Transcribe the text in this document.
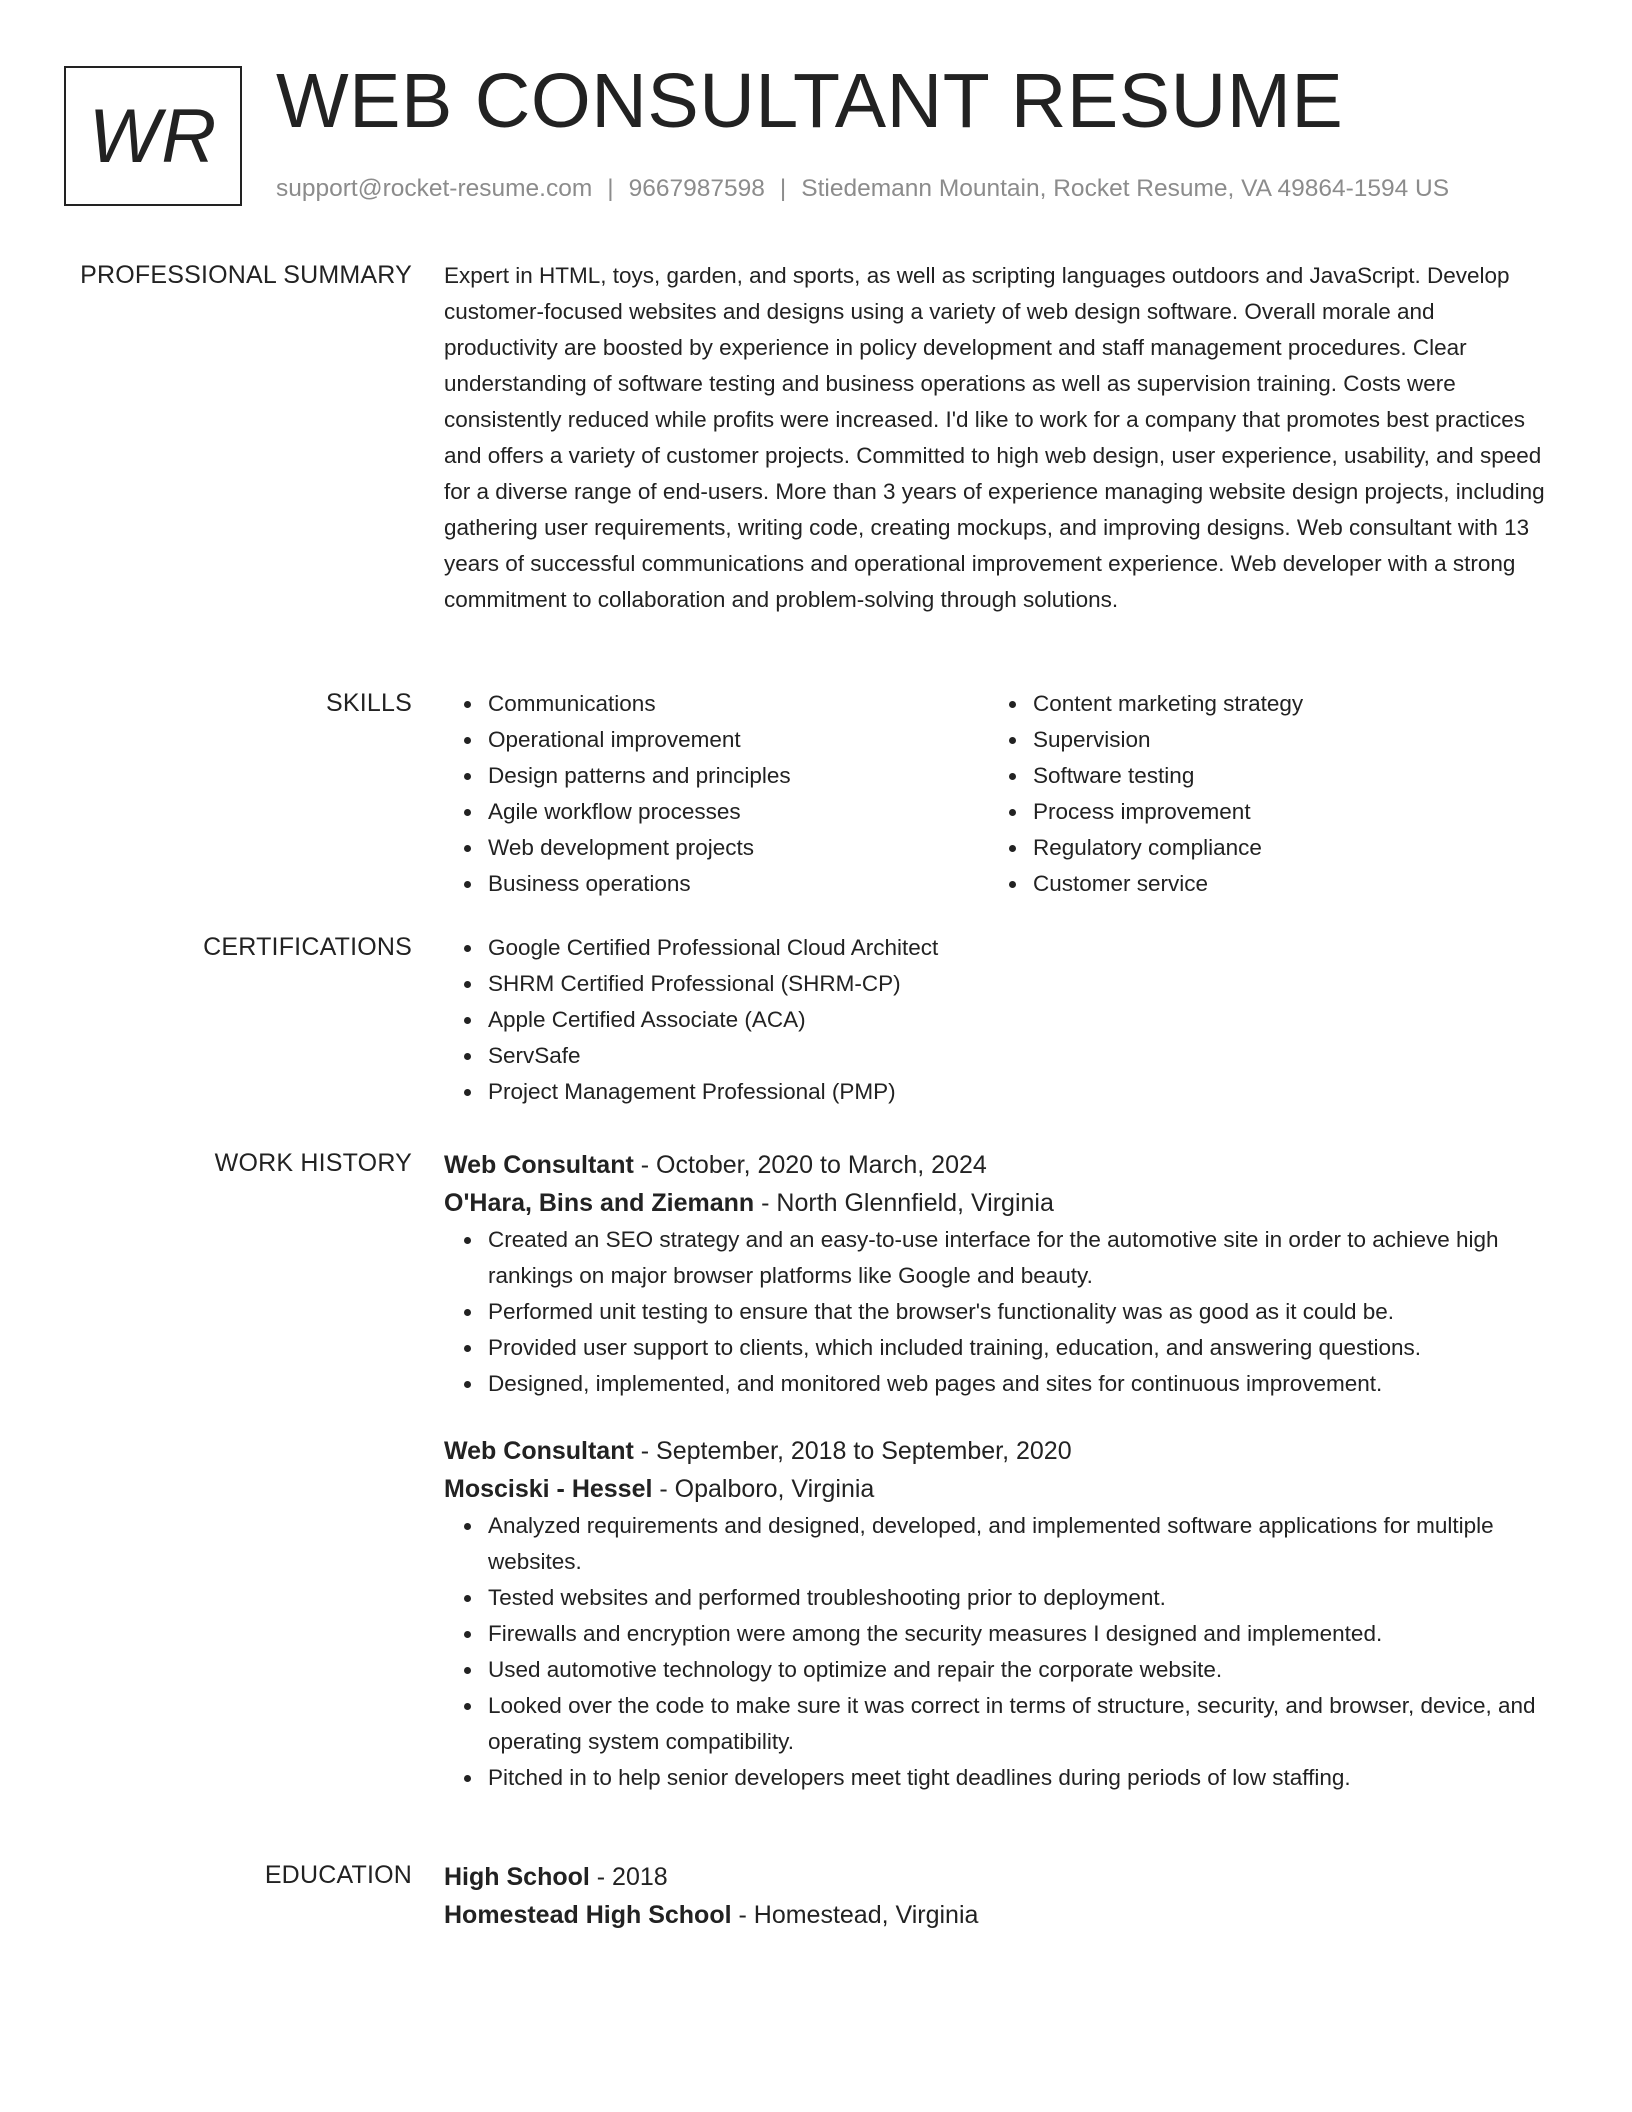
WR WEB CONSULTANT RESUME
support@rocket-resume.com | 9667987598 | Stiedemann Mountain, Rocket Resume, VA 49864-1594 US
PROFESSIONAL SUMMARY Expert in HTML, toys, garden, and sports, as well as scripting languages outdoors and JavaScript. Develop customer-focused websites and designs using a variety of web design software. Overall morale and productivity are boosted by experience in policy development and staff management procedures. Clear understanding of software testing and business operations as well as supervision training. Costs were consistently reduced while profits were increased. I'd like to work for a company that promotes best practices and offers a variety of customer projects. Committed to high web design, user experience, usability, and speed for a diverse range of end-users. More than 3 years of experience managing website design projects, including gathering user requirements, writing code, creating mockups, and improving designs. Web consultant with 13 years of successful communications and operational improvement experience. Web developer with a strong commitment to collaboration and problem-solving through solutions.

SKILLS	Communications
Operational improvement
Design patterns and principles
Agile workflow processes
Web development projects
Business operations
Content marketing strategy
Supervision
Software testing
Process improvement
Regulatory compliance
Customer service
CERTIFICATIONS	Google Certified Professional Cloud Architect
SHRM Certified Professional (SHRM-CP)
Apple Certified Associate (ACA)
ServSafe
Project Management Professional (PMP)
WORK HISTORY Web Consultant - October, 2020 to March, 2024
O'Hara, Bins and Ziemann - North Glennfield, Virginia
Created an SEO strategy and an easy-to-use interface for the automotive site in order to achieve high rankings on major browser platforms like Google and beauty.
Performed unit testing to ensure that the browser's functionality was as good as it could be.
Provided user support to clients, which included training, education, and answering questions.
Designed, implemented, and monitored web pages and sites for continuous improvement.
Web Consultant - September, 2018 to September, 2020
Mosciski - Hessel - Opalboro, Virginia
Analyzed requirements and designed, developed, and implemented software applications for multiple websites.
Tested websites and performed troubleshooting prior to deployment.
Firewalls and encryption were among the security measures I designed and implemented.
Used automotive technology to optimize and repair the corporate website.
Looked over the code to make sure it was correct in terms of structure, security, and browser, device, and operating system compatibility.
Pitched in to help senior developers meet tight deadlines during periods of low staffing.
EDUCATION High School - 2018
Homestead High School - Homestead, Virginia
